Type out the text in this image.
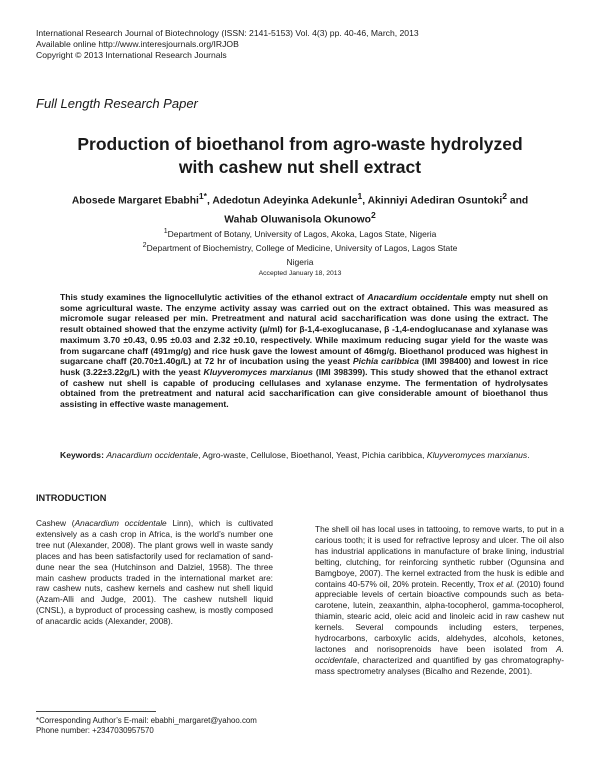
International Research Journal of Biotechnology (ISSN: 2141-5153) Vol. 4(3) pp. 40-46, March, 2013
Available online http://www.interesjournals.org/IRJOB
Copyright © 2013 International Research Journals
Full Length Research Paper
Production of bioethanol from agro-waste hydrolyzed
with cashew nut shell extract
Abosede Margaret Ebabhi$^{1*}$, Adedotun Adeyinka Adekunle$^1$, Akinniyi Adediran Osuntoki$^2$ and
Wahab Oluwanisola Okunowo$^2$
$^1$Department of Botany, University of Lagos, Akoka, Lagos State, Nigeria
$^2$Department of Biochemistry, College of Medicine, University of Lagos, Lagos State
Nigeria
Accepted January 18, 2013
This study examines the lignocellulytic activities of the ethanol extract of Anacardium occidentale empty nut shell on some agricultural waste. The enzyme activity assay was carried out on the extract obtained. This was measured as micromole sugar released per min. Pretreatment and natural acid saccharification was done using the extract. The result obtained showed that the enzyme activity (µ/ml) for β-1,4-exoglucanase, β -1,4-endoglucanase and xylanase was maximum 3.70 ±0.43, 0.95 ±0.03 and 2.32 ±0.10, respectively. While maximum reducing sugar yield for the waste was from sugarcane chaff (491mg/g) and rice husk gave the lowest amount of 46mg/g. Bioethanol produced was highest in sugarcane chaff (20.70±1.40g/L) at 72 hr of incubation using the yeast Pichia caribbica (IMI 398400) and lowest in rice husk (3.22±3.22g/L) with the yeast Kluyveromyces marxianus (IMI 398399). This study showed that the ethanol extract of cashew nut shell is capable of producing cellulases and xylanase enzyme. The fermentation of hydrolysates obtained from the pretreatment and natural acid saccharification can give considerable amount of bioethanol thus assisting in effective waste management.
Keywords: Anacardium occidentale, Agro-waste, Cellulose, Bioethanol, Yeast, Pichia caribbica, Kluyveromyces marxianus.
INTRODUCTION
Cashew (Anacardium occidentale Linn), which is cultivated extensively as a cash crop in Africa, is the world’s number one tree nut (Alexander, 2008). The plant grows well in waste sandy places and has been satisfactorily used for reclamation of sand-dune near the sea (Hutchinson and Dalziel, 1958). The three main cashew products traded in the international market are: raw cashew nuts, cashew kernels and cashew nut shell liquid (Azam-Alli and Judge, 2001). The cashew nutshell liquid (CNSL), a byproduct of processing cashew, is mostly composed of anacardic acids (Alexander, 2008).
The shell oil has local uses in tattooing, to remove warts, to put in a carious tooth; it is used for refractive leprosy and ulcer. The oil also has industrial applications in manufacture of brake lining, industrial belting, clutching, for reinforcing synthetic rubber (Ogunsina and Bamgboye, 2007). The kernel extracted from the husk is edible and contains 40-57% oil, 20% protein. Recently, Trox et al. (2010) found appreciable levels of certain bioactive compounds such as beta-carotene, lutein, zeaxanthin, alpha-tocopherol, gamma-tocopherol, thiamin, stearic acid, oleic acid and linoleic acid in raw cashew nut kernels. Several compounds including esters, terpenes, hydrocarbons, carboxylic acids, aldehydes, alcohols, ketones, lactones and norisoprenoids have been isolated from A. occidentale, characterized and quantified by gas chromatography-mass spectrometry analyses (Bicalho and Rezende, 2001).
*Corresponding Author’s E-mail: ebabhi_margaret@yahoo.com
Phone number: +2347030957570
